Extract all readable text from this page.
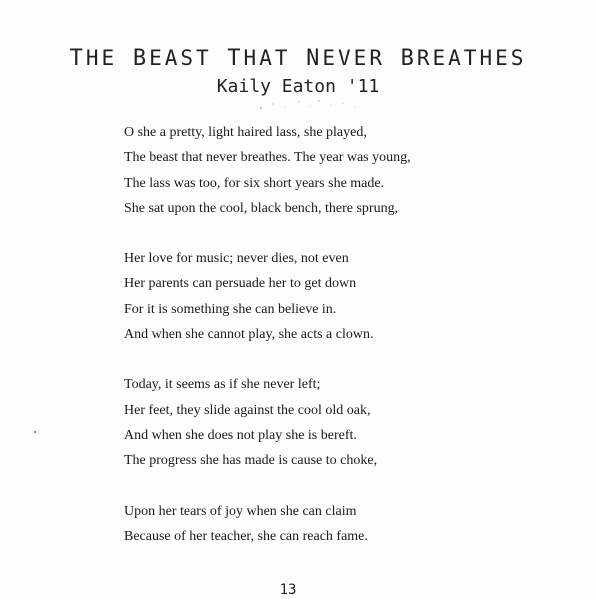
THE BEAST THAT NEVER BREATHES
Kaily Eaton '11
O she a pretty, light haired lass, she played,
The beast that never breathes. The year was young,
The lass was too, for six short years she made.
She sat upon the cool, black bench, there sprung,
Her love for music; never dies, not even
Her parents can persuade her to get down
For it is something she can believe in.
And when she cannot play, she acts a clown.
Today, it seems as if she never left;
Her feet, they slide against the cool old oak,
And when she does not play she is bereft.
The progress she has made is cause to choke,
Upon her tears of joy when she can claim
Because of her teacher, she can reach fame.
13
